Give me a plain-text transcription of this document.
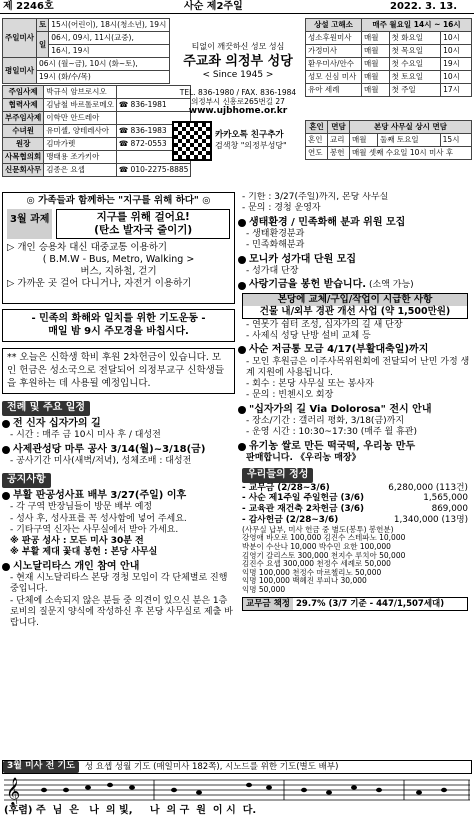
제 2246호	사순 제2주일	2022. 3. 13.
주일미사	토	15시(어린이), 18시(청소년), 19시
	일	06시, 09시, 11시(교중),
		16시, 19시
평일미사	06시 (월~금), 10시 (화~토),	
	19시 (화/수/목)	
주임사제	박규식 암브로시오	
협력사제	김남철 바르톨로메오	☎ 836-1981
부주임사제	이학만 안드레아	
수녀원	유미셸, 양테레사아	☎ 836-1983
원장	김마가렛	☎ 872-0553
사목협의회	맹태용 조가키아	
신문회사무	김종은 요셉	☎ 010-2275-8885
티없이 깨끗하신 성모 성심
주교좌 의정부 성당
< Since 1945 >
TEL. 836-1980 / FAX. 836-1984
의정부시 신흥로265번길 27
www.ujbhome.or.kr
카카오톡 친구추가
검색창 "의정부성당"
상설 고해소	매주 월요일 14시 ~ 16시		
성소후원미사	매월	첫 화요일	10시
가정미사	매월	첫 목요일	10시
환우미사/안수	매월	첫 수요일	19시
성모 신심 미사	매월	첫 토요일	10시
유아 세례	매월	첫 주일	17시
혼인	면담	본당 사무실 상시 면담		
혼인	교리	매월	둘째 토요일	15시
연도	봉헌	매월 셋째 수요일 10시 미사 후		
◎ 가족들과 함께하는 "지구를 위해 하다" ◎
3월 과제	지구를 위해 걸어요!
(탄소 발자국 줄이기)
▷ 개인 승용차 대신 대중교통 이용하기
( B.M.W - Bus, Metro, Walking >
버스, 지하철, 걷기
▷ 가까운 곳 걸어 다니거나, 자전거 이용하기
- 민족의 화해와 일치를 위한 기도운동 -
매일 밤 9시 주모경을 바칩시다.
** 오늘은 신학생 학비 후원 2차헌금이 있습니다. 모인 헌금은 성소국으로 전달되어 의정부교구 신학생들을 후원하는 데 사용될 예정입니다.
전례 및 주요 일정
전 신자 십자가의 길
- 시간 : 매주 금 10시 미사 후 / 대성전
사제관성당 마루 공사 3/14(월)~3/18(금)
- 공사기간 미사(새벽/저녁), 성체조배 : 대성전
공지사항
부활 판공성사표 배부 3/27(주일) 이후
- 각 구역 반장님들이 방문 배부 예정
- 성사 후, 성사표를 꼭 성사함에 넣어 주세요.
- 기타구역 신자는 사무실에서 받아 가세요.
※ 판공 성사 : 모든 미사 30분 전
※ 부활 제대 꽃대 봉헌 : 본당 사무실
시노달리타스 개인 참여 안내
- 현재 시노달리타스 본당 경청 모임이 각 단체별로 진행 중입니다.
- 단체에 소속되지 않은 분들 중 의견이 있으신 분은 1층 로비의 질문지 양식에 작성하신 후 본당 사무실로 제출 바랍니다.
- 기한 : 3/27(주일)까지, 본당 사무실
- 문의 : 경청 운영자
생태환경 / 민족화해 분과 위원 모집
- 생태환경분과
- 민족화해분과
모니카 성가대 단원 모집
- 성가대 단장
사랑기금을 봉헌 받습니다. (소액 가능)
본당에 교체/구입/작업이 시급한 사항
건물 내/외부 경관 개선 사업 (약 1,500만원)
- 연못가 쉼터 조성, 십자가의 길 새 단장
- 사제식 성당 난방 설비 교체 등
사순 저금통 모금 4/17(부활대축일)까지
- 모인 후원금은 이주사목위원회에 전달되어 난민 가정 생계 지원에 사용됩니다.
- 회수 : 본당 사무실 또는 봉사자
- 문의 : 빈첸시오 회장
"십자가의 길 Via Dolorosa" 전시 안내
- 장소/기간 : 갤러리 평화, 3/18(금)까지
- 운영 시간 : 10:30~17:30 (매주 월 휴관)
유기농 쌀로 만든 떡국떡, 우리농 만두
판매합니다. 《우리농 매장》
우리들의 정성
- 교무금 (2/28~3/6)	6,280,000 (113건)
- 사순 제1주일 주일헌금 (3/6)	1,565,000
- 교육관 재건축 2차헌금 (3/6)	869,000
- 감사헌금 (2/28~3/6)	1,340,000 (13명)
(사무실 납부, 미사 헌금 중 별도(봉투) 봉헌분)
강영애 바오로 100,000 김진수 스테파노 10,000
박분이 수산나 10,000 박수민 요한 100,000
김영기 갈리스토 300,000 천지수 루치아 50,000
김진수 요셉 300,000 천정수 세례로 50,000
익명 100,000 천정수 마르첼리노 50,000
익명 100,000 백혜진 루피나 30,000
익명 50,000
교무금 책정 29.7% (3/7 기준 - 447/1,507세대)
3월 미사 전 기도	성 요셉 성월 기도 (매일미사 182쪽), 시노드를 위한 기도(별도 배부)
𝄞
(후렴) 주  님  은   나  의 빛,     나  의 구  원  이 시  다.
